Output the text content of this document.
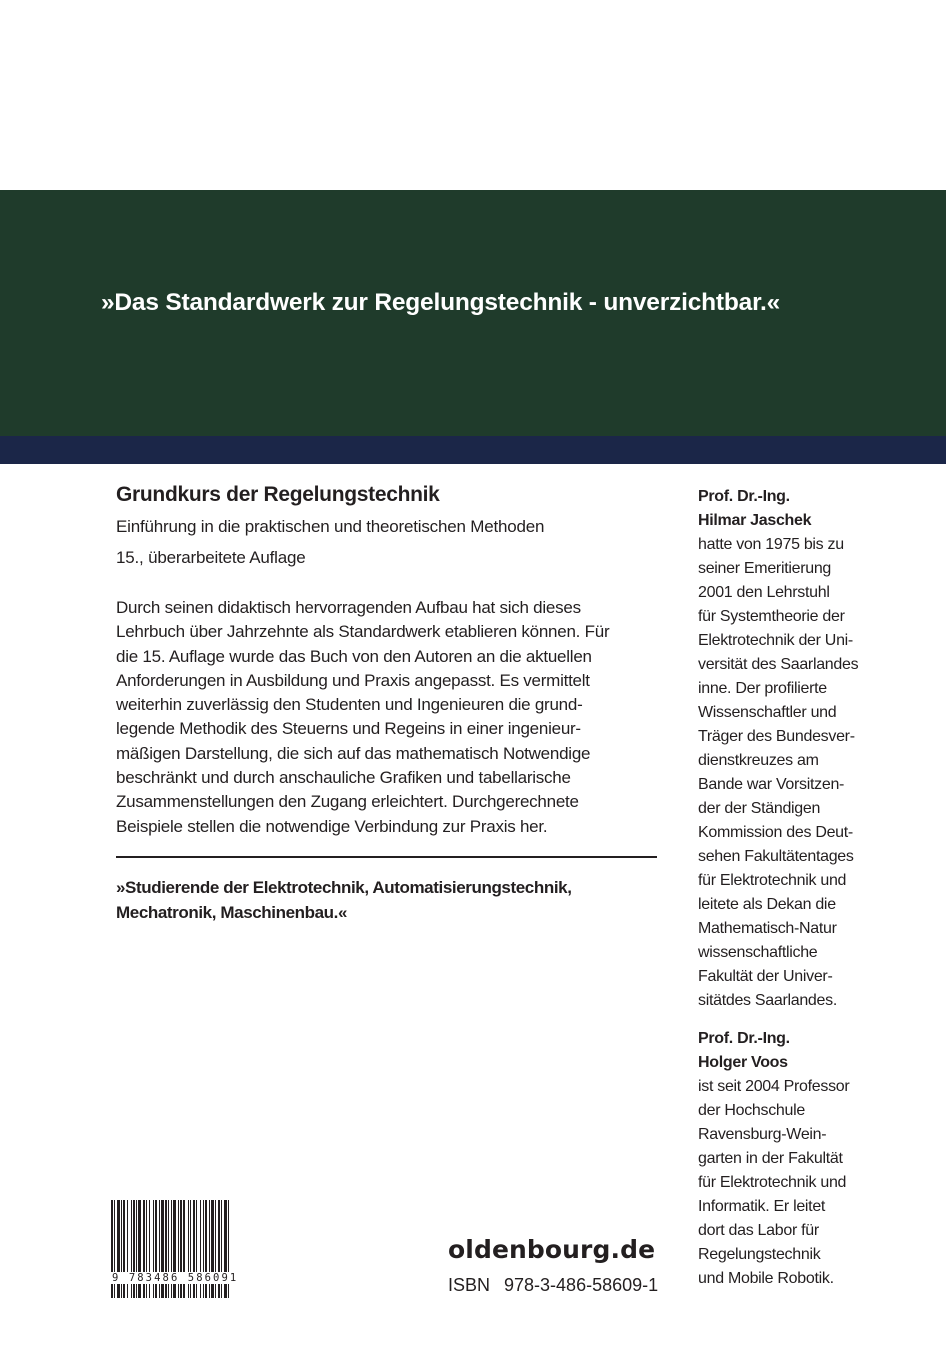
»Das Standardwerk zur Regelungstechnik - unverzichtbar.«
Grundkurs der Regelungstechnik
Einführung in die praktischen und theoretischen Methoden
15., überarbeitete Auflage
Durch seinen didaktisch hervorragenden Aufbau hat sich dieses
Lehrbuch über Jahrzehnte als Standardwerk etablieren können. Für
die 15. Auflage wurde das Buch von den Autoren an die aktuellen
Anforderungen in Ausbildung und Praxis angepasst. Es vermittelt
weiterhin zuverlässig den Studenten und Ingenieuren die grund-
legende Methodik des Steuerns und Regeins in einer ingenieur-
mäßigen Darstellung, die sich auf das mathematisch Notwendige
beschränkt und durch anschauliche Grafiken und tabellarische
Zusammenstellungen den Zugang erleichtert. Durchgerechnete
Beispiele stellen die notwendige Verbindung zur Praxis her.
»Studierende der Elektrotechnik, Automatisierungstechnik,
Mechatronik, Maschinenbau.«
Prof. Dr.-Ing.
Hilmar Jaschek
hatte von 1975 bis zu
seiner Emeritierung
2001 den Lehrstuhl
für Systemtheorie der
Elektrotechnik der Uni-
versität des Saarlandes
inne. Der profilierte
Wissenschaftler und
Träger des Bundesver-
dienstkreuzes am
Bande war Vorsitzen-
der der Ständigen
Kommission des Deut-
sehen Fakultätentages
für Elektrotechnik und
leitete als Dekan die
Mathematisch-Natur
wissenschaftliche
Fakultät der Univer-
sitätdes Saarlandes.
Prof. Dr.-Ing.
Holger Voos
ist seit 2004 Professor
der Hochschule
Ravensburg-Wein-
garten in der Fakultät
für Elektrotechnik und
Informatik. Er leitet
dort das Labor für
Regelungstechnik
und Mobile Robotik.
9 783486 586091
oldenbourg.de
ISBN 978-3-486-58609-1
